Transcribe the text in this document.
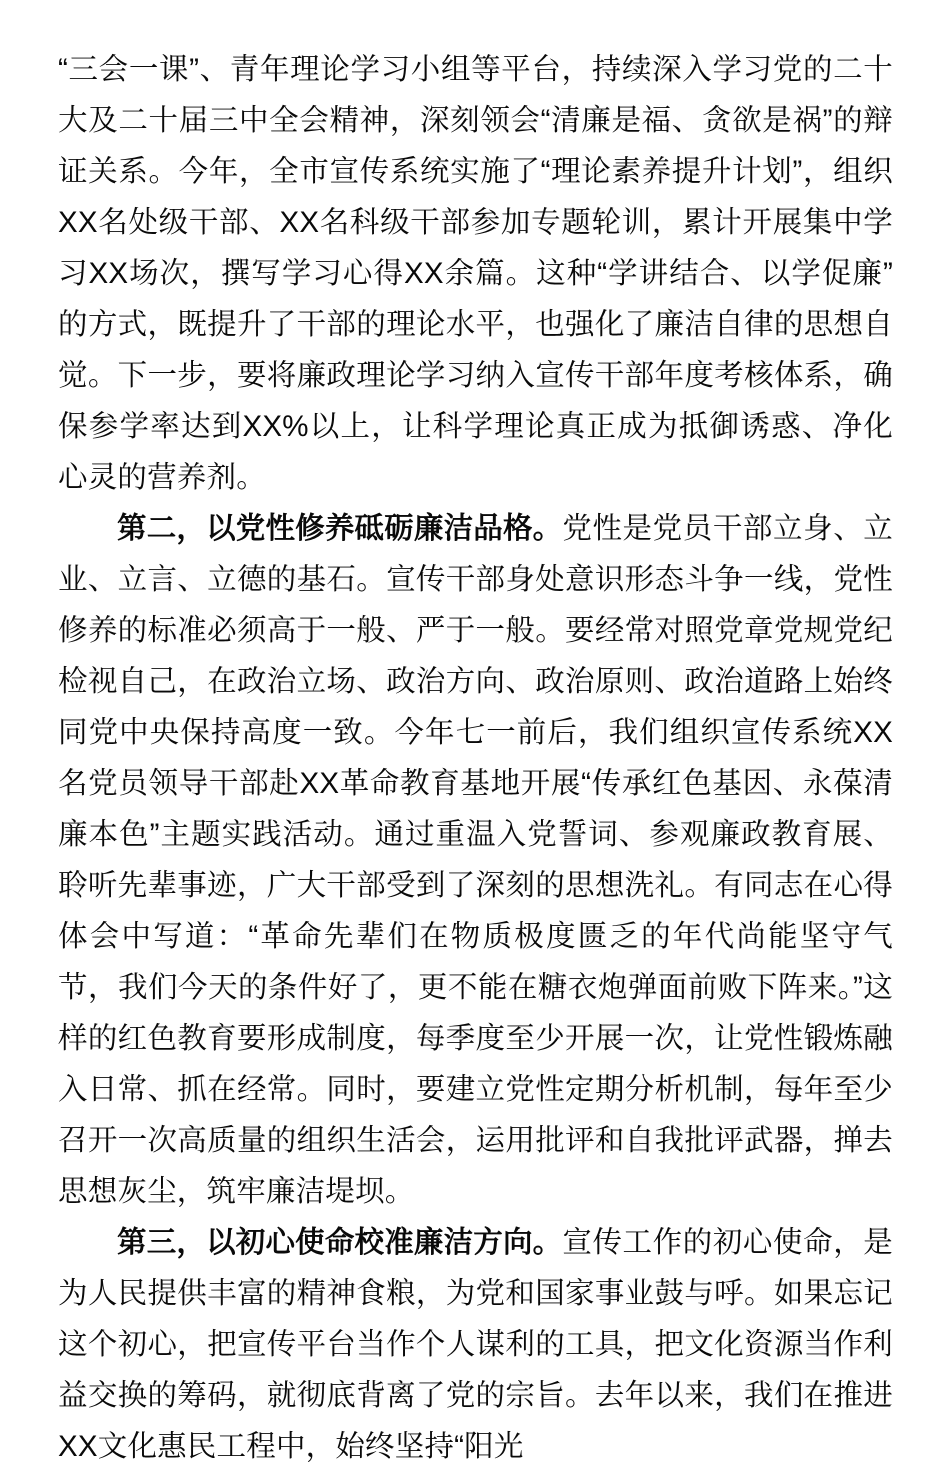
“三会一课”、青年理论学习小组等平台，持续深入学习党的二十大及二十届三中全会精神，深刻领会“清廉是福、贪欲是祸”的辩证关系。今年，全市宣传系统实施了“理论素养提升计划”，组织XX名处级干部、XX名科级干部参加专题轮训，累计开展集中学习XX场次，撰写学习心得XX余篇。这种“学讲结合、以学促廉”的方式，既提升了干部的理论水平，也强化了廉洁自律的思想自觉。下一步，要将廉政理论学习纳入宣传干部年度考核体系，确保参学率达到XX%以上，让科学理论真正成为抵御诱惑、净化心灵的营养剂。

第二，以党性修养砥砺廉洁品格。党性是党员干部立身、立业、立言、立德的基石。宣传干部身处意识形态斗争一线，党性修养的标准必须高于一般、严于一般。要经常对照党章党规党纪检视自己，在政治立场、政治方向、政治原则、政治道路上始终同党中央保持高度一致。今年七一前后，我们组织宣传系统XX名党员领导干部赴XX革命教育基地开展“传承红色基因、永葆清廉本色”主题实践活动。通过重温入党誓词、参观廉政教育展、聆听先辈事迹，广大干部受到了深刻的思想洗礼。有同志在心得体会中写道：“革命先辈们在物质极度匮乏的年代尚能坚守气节，我们今天的条件好了，更不能在糖衣炮弹面前败下阵来。”这样的红色教育要形成制度，每季度至少开展一次，让党性锻炼融入日常、抓在经常。同时，要建立党性定期分析机制，每年至少召开一次高质量的组织生活会，运用批评和自我批评武器，掸去思想灰尘，筑牢廉洁堤坝。

第三，以初心使命校准廉洁方向。宣传工作的初心使命，是为人民提供丰富的精神食粮，为党和国家事业鼓与呼。如果忘记这个初心，把宣传平台当作个人谋利的工具，把文化资源当作利益交换的筹码，就彻底背离了党的宗旨。去年以来，我们在推进XX文化惠民工程中，始终坚持“阳光
